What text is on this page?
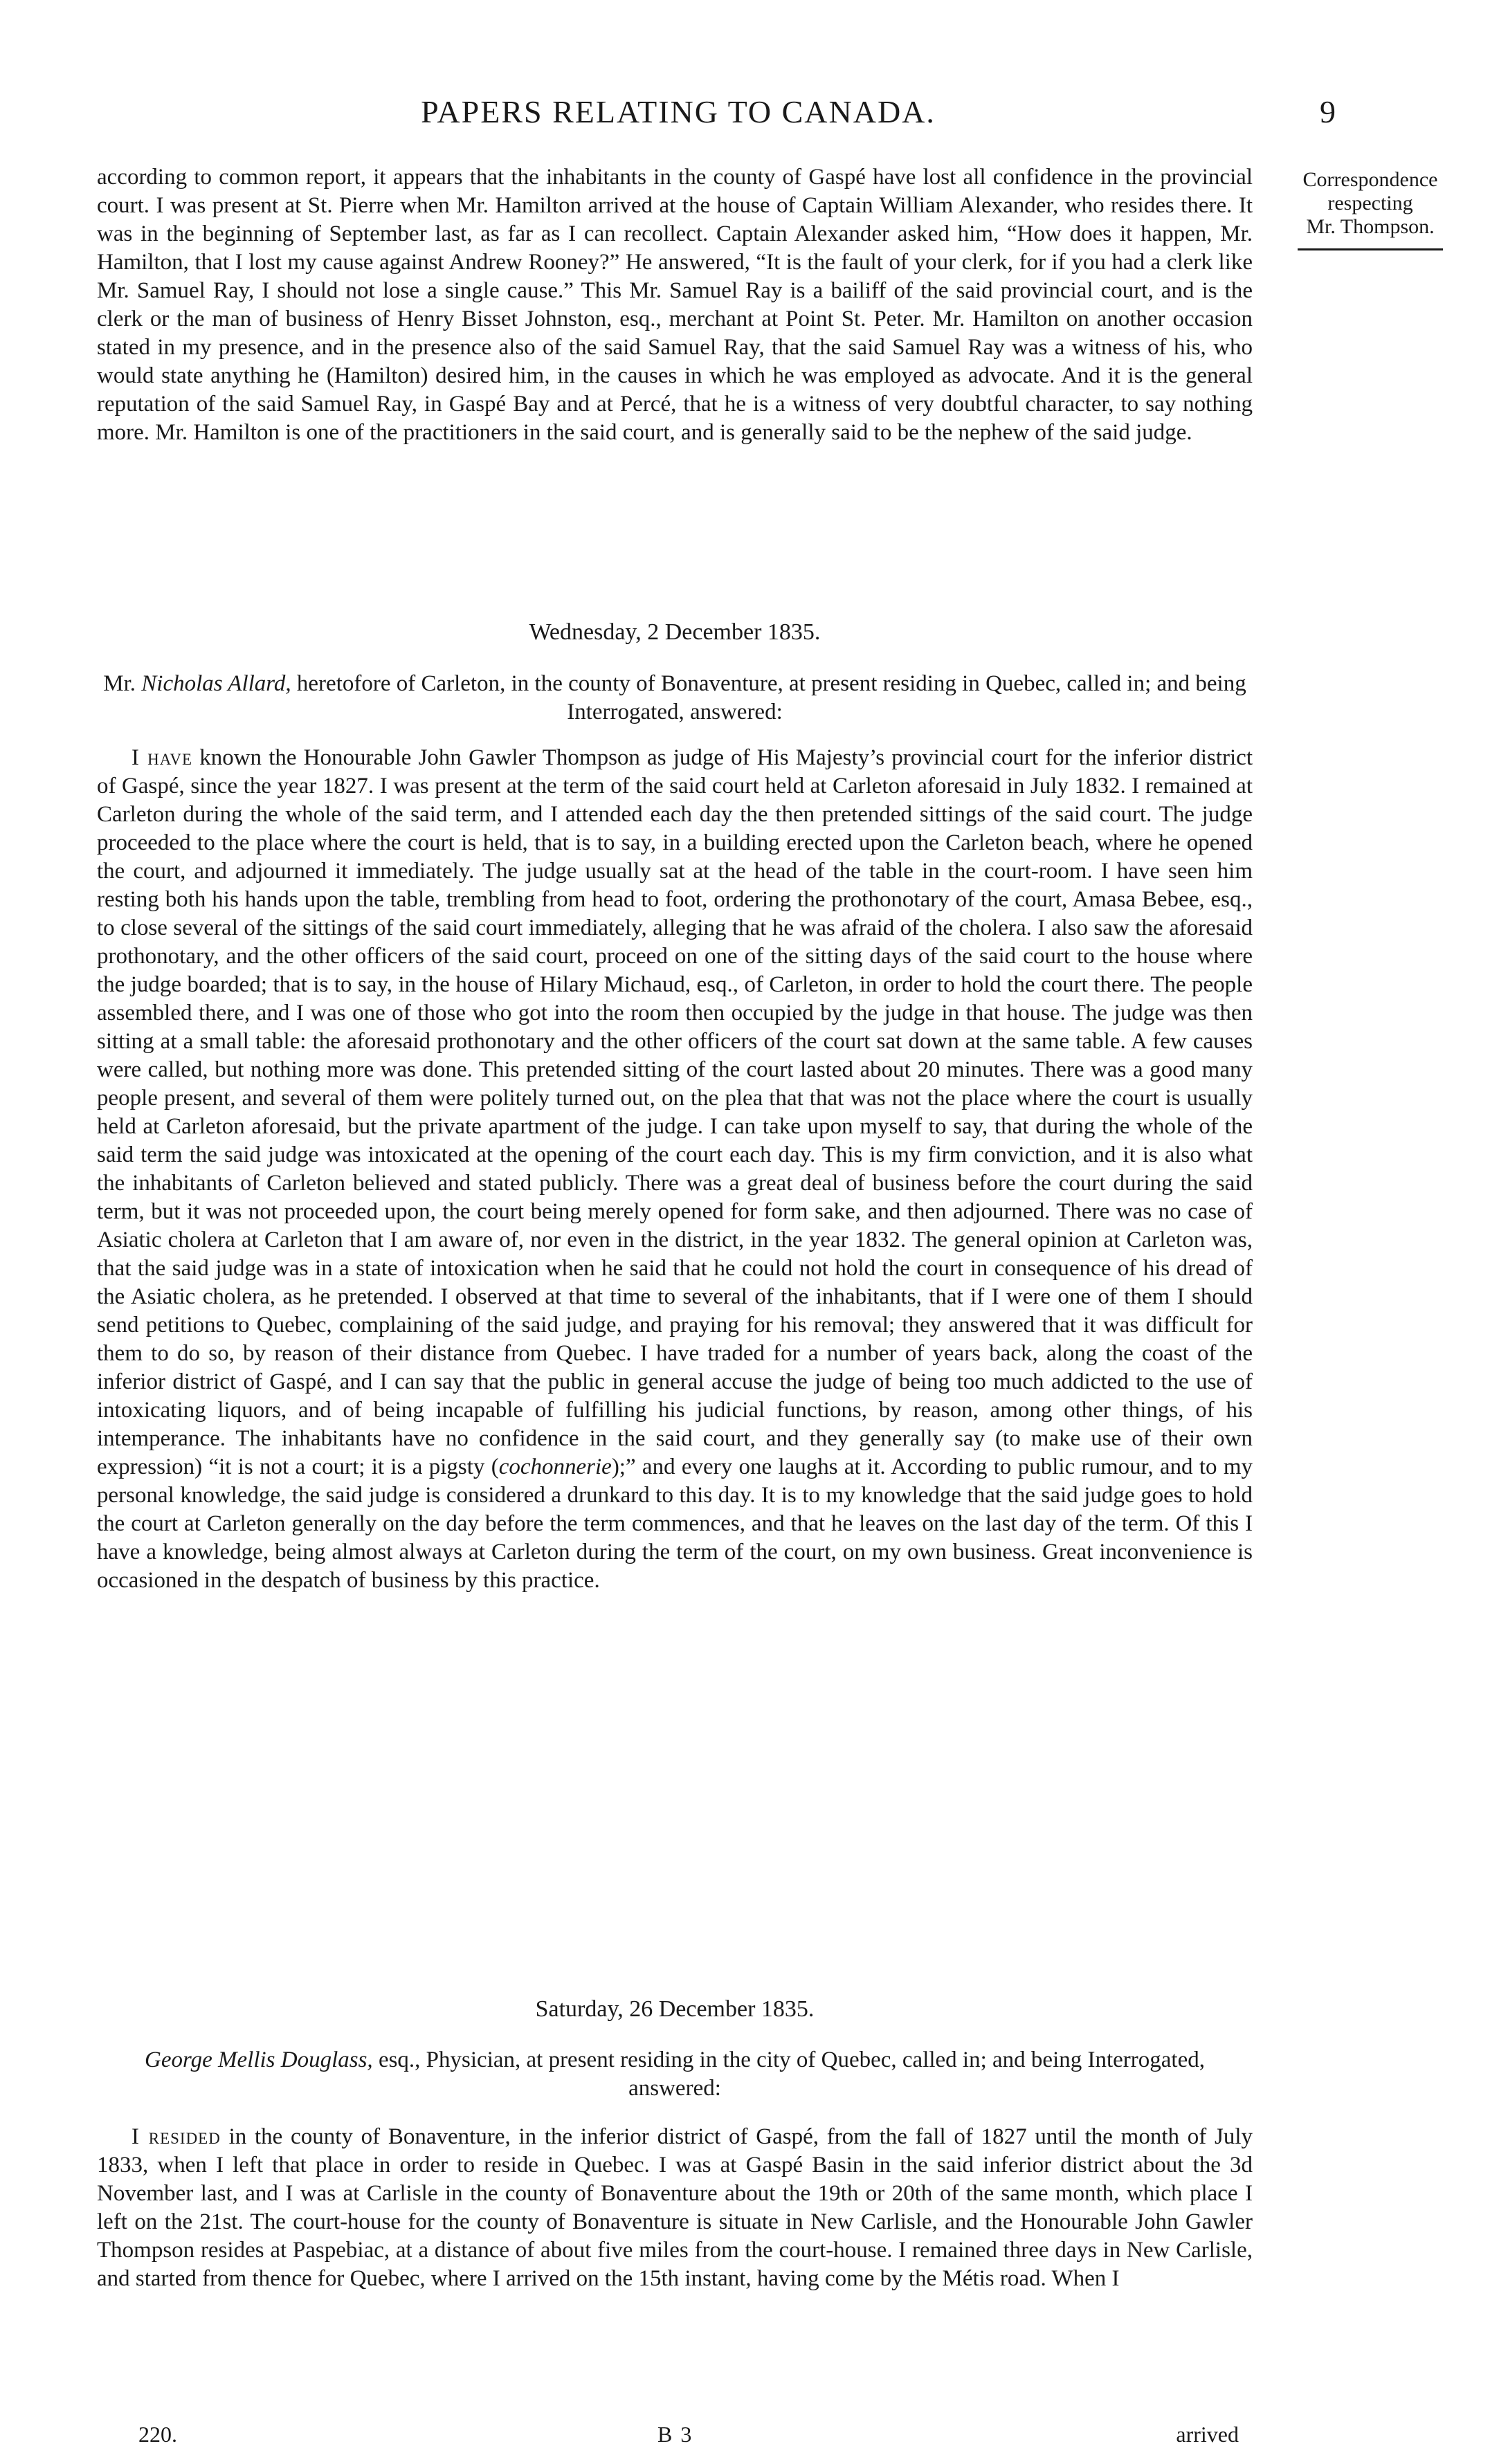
PAPERS RELATING TO CANADA.	9
Correspondence
respecting
Mr. Thompson.

according to common report, it appears that the inhabitants in the county of Gaspé have lost all confidence in the provincial court. I was present at St. Pierre when Mr. Hamilton arrived at the house of Captain William Alexander, who resides there. It was in the beginning of September last, as far as I can recollect. Captain Alexander asked him, “How does it happen, Mr. Hamilton, that I lost my cause against Andrew Rooney?” He answered, “It is the fault of your clerk, for if you had a clerk like Mr. Samuel Ray, I should not lose a single cause.” This Mr. Samuel Ray is a bailiff of the said provincial court, and is the clerk or the man of business of Henry Bisset Johnston, esq., merchant at Point St. Peter. Mr. Hamilton on another occasion stated in my presence, and in the presence also of the said Samuel Ray, that the said Samuel Ray was a witness of his, who would state anything he (Hamilton) desired him, in the causes in which he was employed as advocate. And it is the general reputation of the said Samuel Ray, in Gaspé Bay and at Percé, that he is a witness of very doubtful character, to say nothing more. Mr. Hamilton is one of the practitioners in the said court, and is generally said to be the nephew of the said judge.

Wednesday, 2 December 1835.
Mr. Nicholas Allard, heretofore of Carleton, in the county of Bonaventure, at present residing in Quebec, called in; and being Interrogated, answered:

I have known the Honourable John Gawler Thompson as judge of His Majesty’s provincial court for the inferior district of Gaspé, since the year 1827. I was present at the term of the said court held at Carleton aforesaid in July 1832. I remained at Carleton during the whole of the said term, and I attended each day the then pretended sittings of the said court. The judge proceeded to the place where the court is held, that is to say, in a building erected upon the Carleton beach, where he opened the court, and adjourned it immediately. The judge usually sat at the head of the table in the court-room. I have seen him resting both his hands upon the table, trembling from head to foot, ordering the prothonotary of the court, Amasa Bebee, esq., to close several of the sittings of the said court immediately, alleging that he was afraid of the cholera. I also saw the aforesaid prothonotary, and the other officers of the said court, proceed on one of the sitting days of the said court to the house where the judge boarded; that is to say, in the house of Hilary Michaud, esq., of Carleton, in order to hold the court there. The people assembled there, and I was one of those who got into the room then occupied by the judge in that house. The judge was then sitting at a small table: the aforesaid prothonotary and the other officers of the court sat down at the same table. A few causes were called, but nothing more was done. This pretended sitting of the court lasted about 20 minutes. There was a good many people present, and several of them were politely turned out, on the plea that that was not the place where the court is usually held at Carleton aforesaid, but the private apartment of the judge. I can take upon myself to say, that during the whole of the said term the said judge was intoxicated at the opening of the court each day. This is my firm conviction, and it is also what the inhabitants of Carleton believed and stated publicly. There was a great deal of business before the court during the said term, but it was not proceeded upon, the court being merely opened for form sake, and then adjourned. There was no case of Asiatic cholera at Carleton that I am aware of, nor even in the district, in the year 1832. The general opinion at Carleton was, that the said judge was in a state of intoxication when he said that he could not hold the court in consequence of his dread of the Asiatic cholera, as he pretended. I observed at that time to several of the inhabitants, that if I were one of them I should send petitions to Quebec, complaining of the said judge, and praying for his removal; they answered that it was difficult for them to do so, by reason of their distance from Quebec. I have traded for a number of years back, along the coast of the inferior district of Gaspé, and I can say that the public in general accuse the judge of being too much addicted to the use of intoxicating liquors, and of being incapable of fulfilling his judicial functions, by reason, among other things, of his intemperance. The inhabitants have no confidence in the said court, and they generally say (to make use of their own expression) “it is not a court; it is a pigsty (cochonnerie);” and every one laughs at it. According to public rumour, and to my personal knowledge, the said judge is considered a drunkard to this day. It is to my knowledge that the said judge goes to hold the court at Carleton generally on the day before the term commences, and that he leaves on the last day of the term. Of this I have a knowledge, being almost always at Carleton during the term of the court, on my own business. Great inconvenience is occasioned in the despatch of business by this practice.

Saturday, 26 December 1835.
George Mellis Douglass, esq., Physician, at present residing in the city of Quebec, called in; and being Interrogated, answered:

I resided in the county of Bonaventure, in the inferior district of Gaspé, from the fall of 1827 until the month of July 1833, when I left that place in order to reside in Quebec. I was at Gaspé Basin in the said inferior district about the 3d November last, and I was at Carlisle in the county of Bonaventure about the 19th or 20th of the same month, which place I left on the 21st. The court-house for the county of Bonaventure is situate in New Carlisle, and the Honourable John Gawler Thompson resides at Paspebiac, at a distance of about five miles from the court-house. I remained three days in New Carlisle, and started from thence for Quebec, where I arrived on the 15th instant, having come by the Métis road. When I

220.	B 3	arrived
